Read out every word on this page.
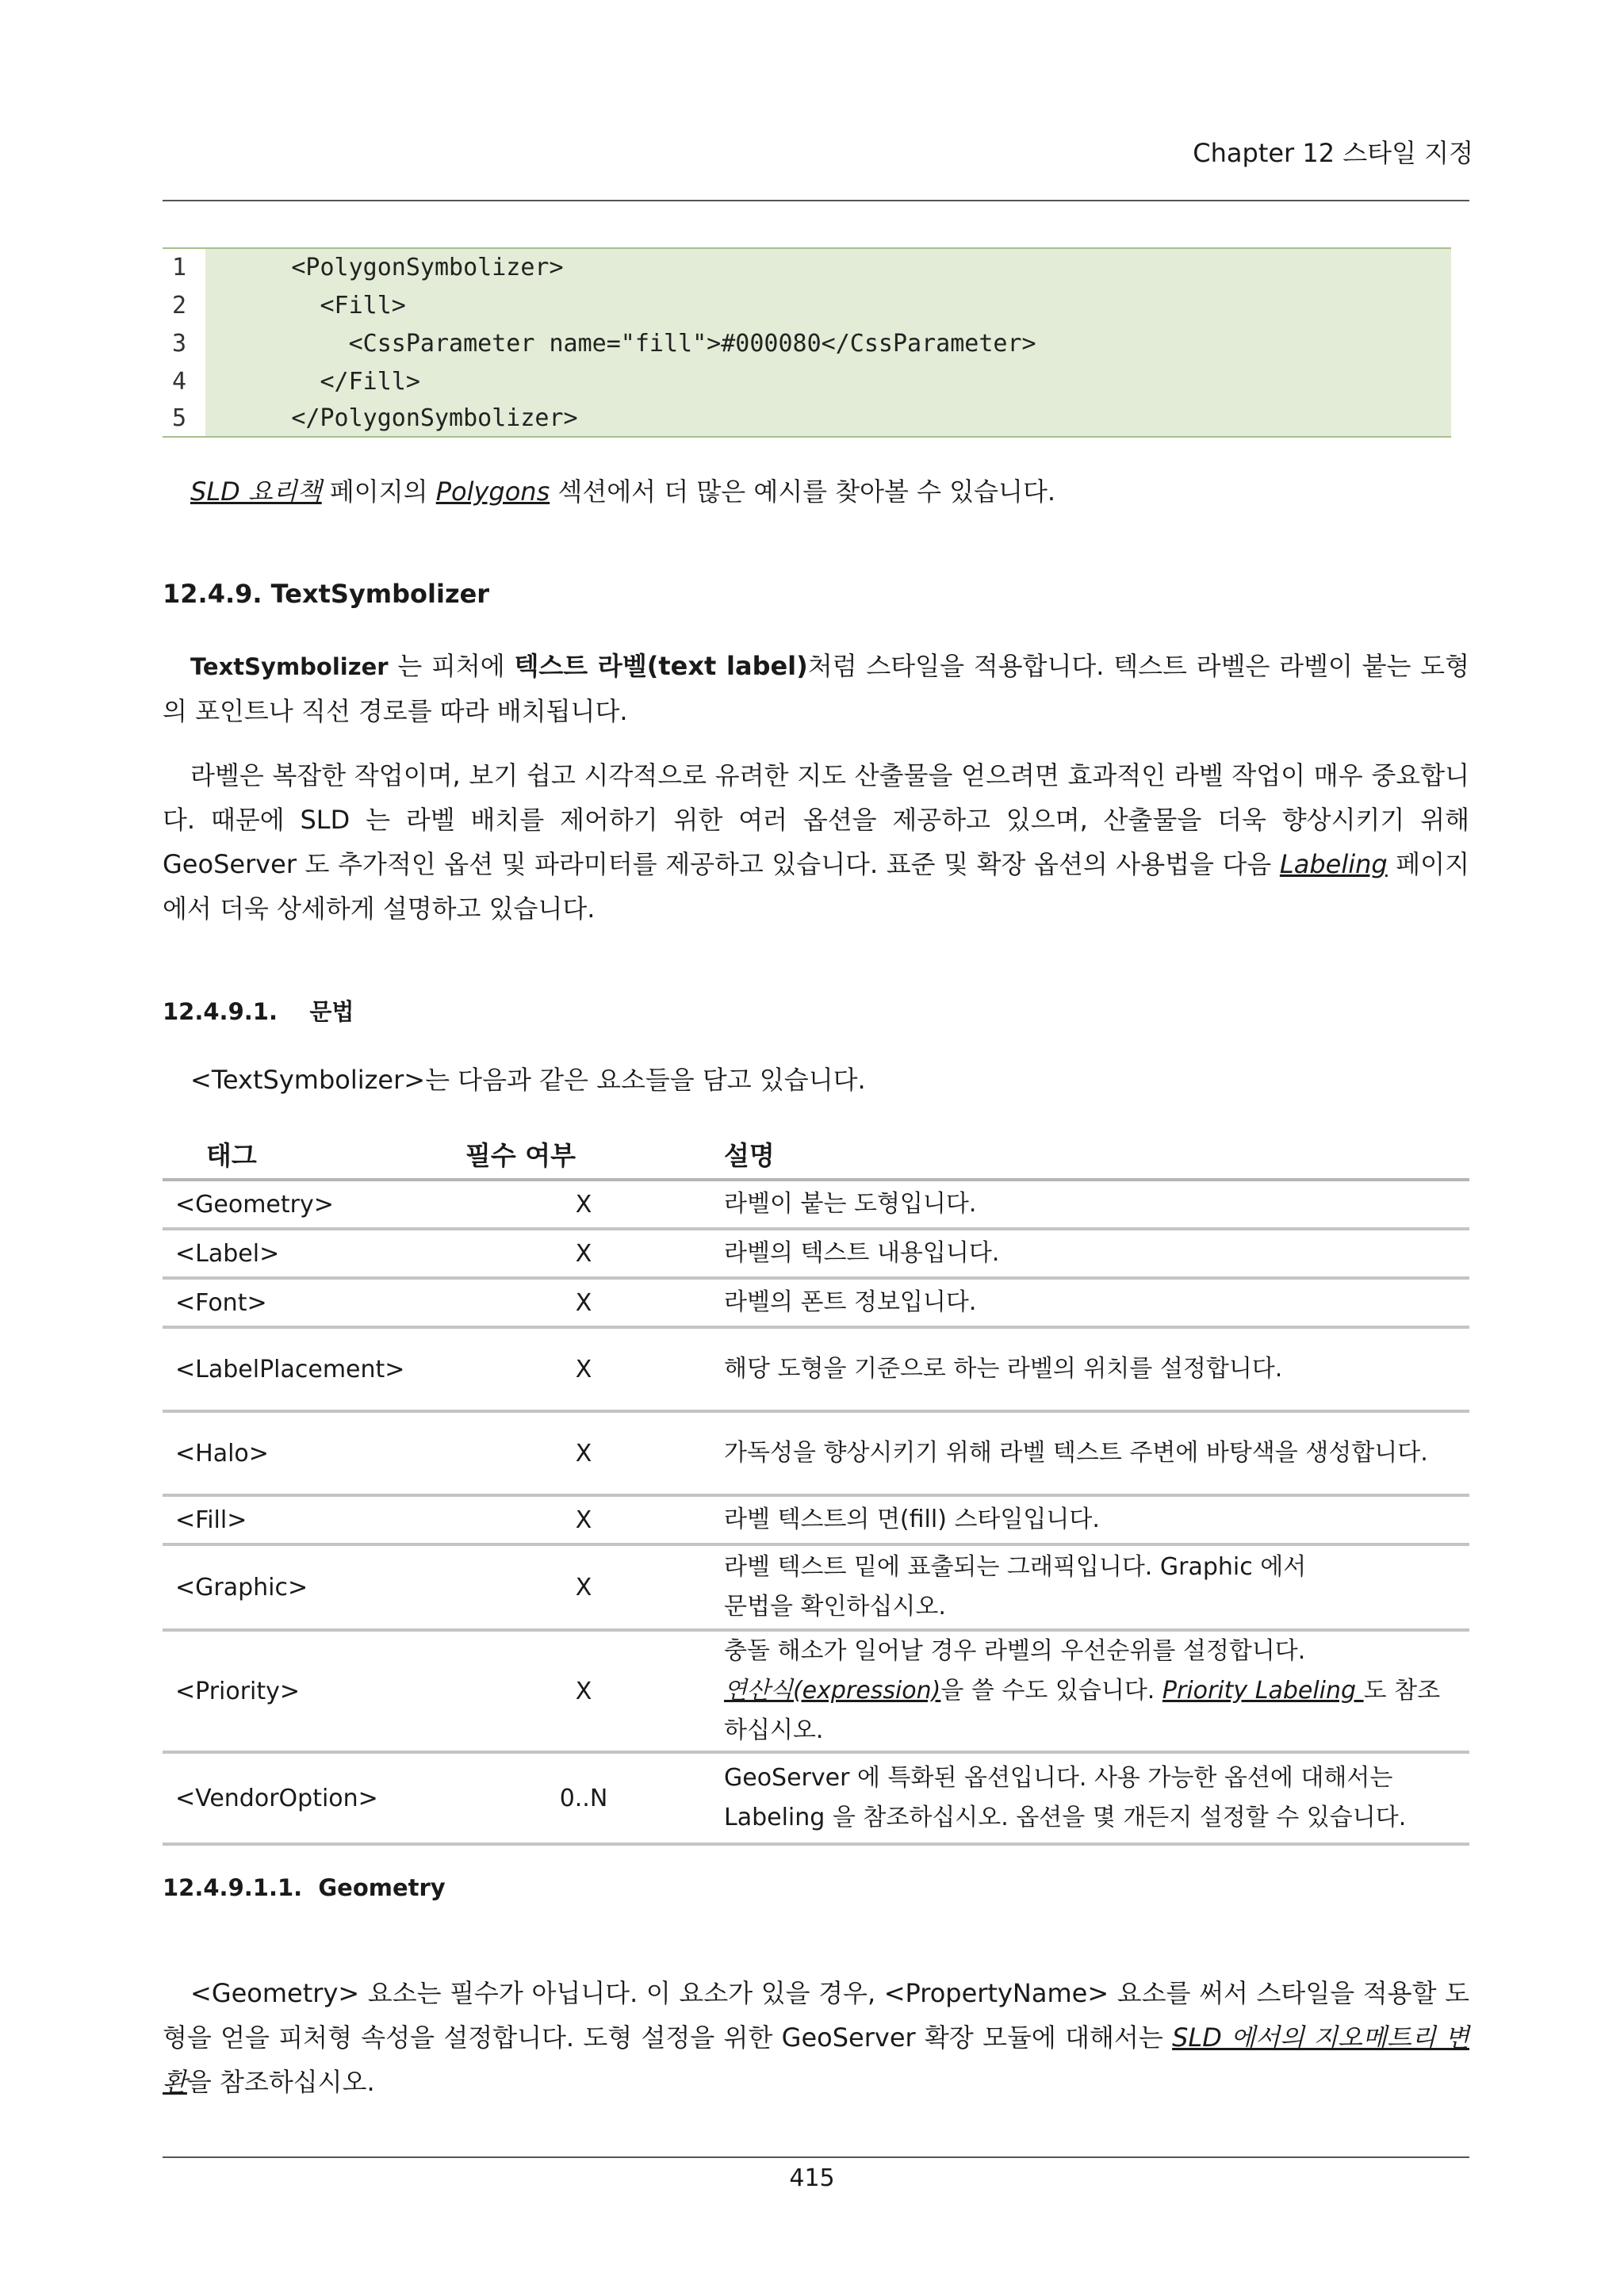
Chapter 12 스타일 지정
1 <PolygonSymbolizer>
2 <Fill>
3 <CssParameter name="fill">#000080</CssParameter>
4 </Fill>
5 </PolygonSymbolizer>
SLD 요리책 페이지의 Polygons 섹션에서 더 많은 예시를 찾아볼 수 있습니다.
12.4.9. TextSymbolizer
TextSymbolizer 는 피처에 텍스트 라벨(text label)처럼 스타일을 적용합니다. 텍스트 라벨은 라벨이 붙는 도형의 포인트나 직선 경로를 따라 배치됩니다.
라벨은 복잡한 작업이며, 보기 쉽고 시각적으로 유려한 지도 산출물을 얻으려면 효과적인 라벨 작업이 매우 중요합니다. 때문에 SLD 는 라벨 배치를 제어하기 위한 여러 옵션을 제공하고 있으며, 산출물을 더욱 향상시키기 위해 GeoServer 도 추가적인 옵션 및 파라미터를 제공하고 있습니다. 표준 및 확장 옵션의 사용법을 다음 Labeling 페이지에서 더욱 상세하게 설명하고 있습니다.
12.4.9.1.    문법
<TextSymbolizer>는 다음과 같은 요소들을 담고 있습니다.
태그	필수 여부	설명
<Geometry>	X	라벨이 붙는 도형입니다.
<Label>	X	라벨의 텍스트 내용입니다.
<Font>	X	라벨의 폰트 정보입니다.
<LabelPlacement>	X	해당 도형을 기준으로 하는 라벨의 위치를 설정합니다.
<Halo>	X	가독성을 향상시키기 위해 라벨 텍스트 주변에 바탕색을 생성합니다.
<Fill>	X	라벨 텍스트의 면(fill) 스타일입니다.
<Graphic>	X	라벨 텍스트 밑에 표출되는 그래픽입니다. Graphic 에서 문법을 확인하십시오.
<Priority>	X	충돌 해소가 일어날 경우 라벨의 우선순위를 설정합니다.
연산식(expression)을 쓸 수도 있습니다. Priority Labeling 도 참조하십시오.

<VendorOption>	0..N	GeoServer 에 특화된 옵션입니다. 사용 가능한 옵션에 대해서는 Labeling 을 참조하십시오. 옵션을 몇 개든지 설정할 수 있습니다.
12.4.9.1.1.  Geometry
<Geometry> 요소는 필수가 아닙니다. 이 요소가 있을 경우, <PropertyName> 요소를 써서 스타일을 적용할 도형을 얻을 피처형 속성을 설정합니다. 도형 설정을 위한 GeoServer 확장 모듈에 대해서는 SLD 에서의 지오메트리 변환을 참조하십시오.
415
